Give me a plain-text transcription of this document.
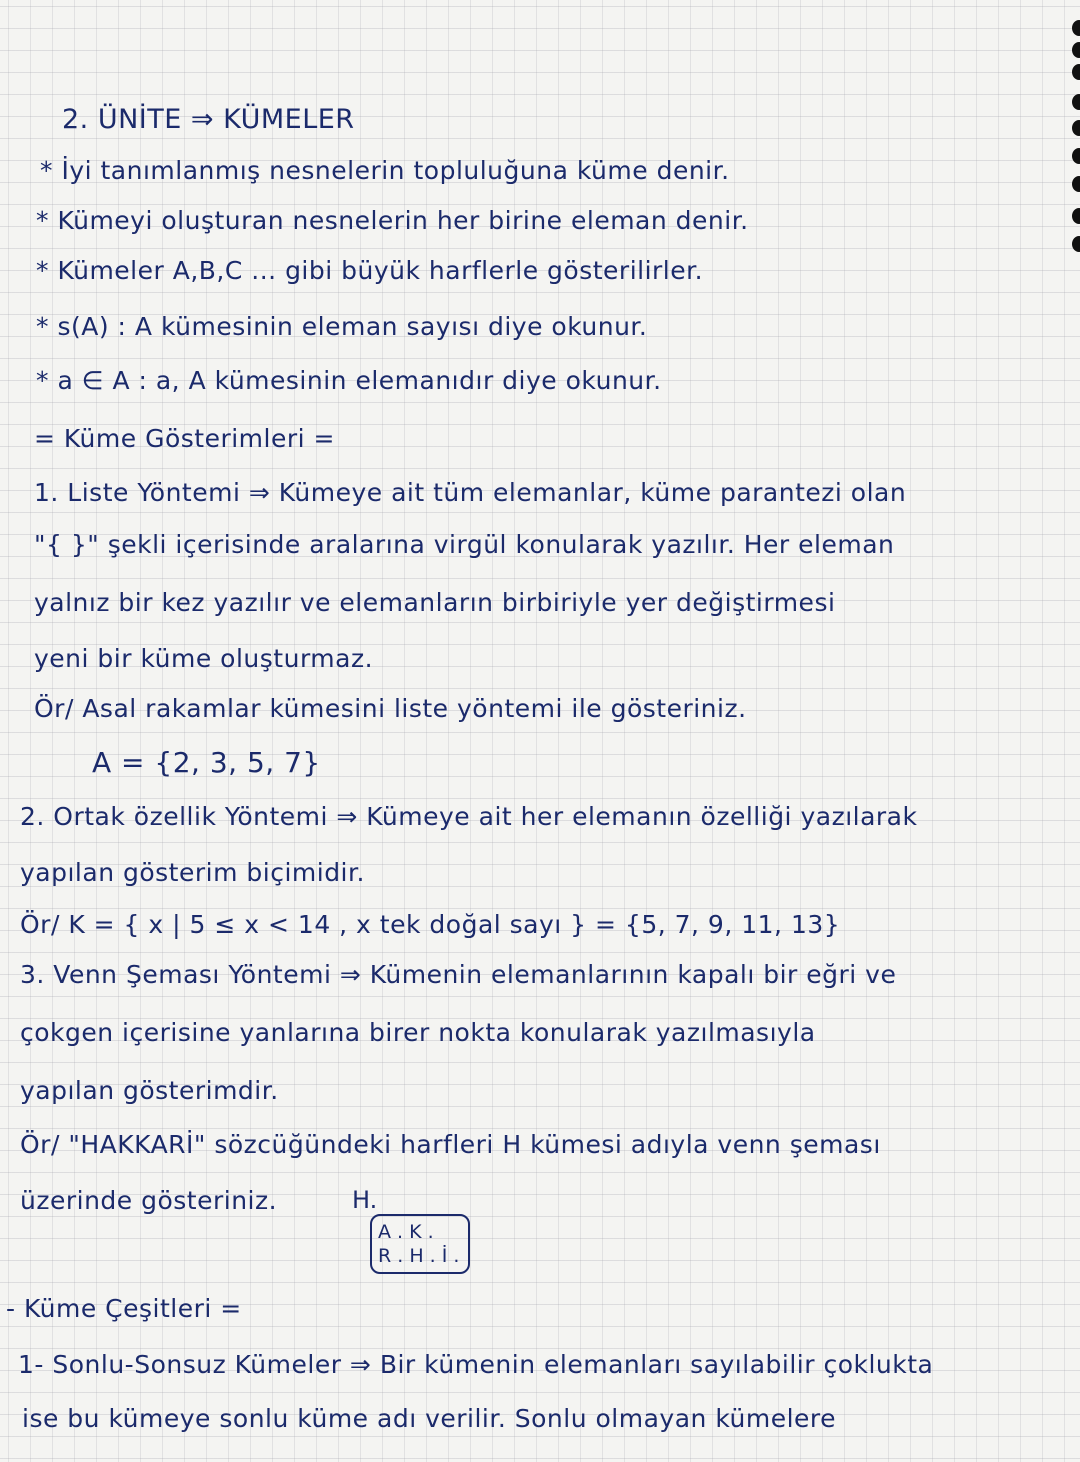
2. ÜNİTE ⇒ KÜMELER
* İyi tanımlanmış nesnelerin topluluğuna küme denir.
* Kümeyi oluşturan nesnelerin her birine eleman denir.
* Kümeler A,B,C ... gibi büyük harflerle gösterilirler.
* s(A) : A kümesinin eleman sayısı diye okunur.
* a ∈ A : a, A kümesinin elemanıdır diye okunur.
= Küme Gösterimleri =
1. Liste Yöntemi ⇒ Kümeye ait tüm elemanlar, küme parantezi olan
"{ }" şekli içerisinde aralarına virgül konularak yazılır. Her eleman
yalnız bir kez yazılır ve elemanların birbiriyle yer değiştirmesi
yeni bir küme oluşturmaz.
Ör/ Asal rakamlar kümesini liste yöntemi ile gösteriniz.
A = {2, 3, 5, 7}
2. Ortak özellik Yöntemi ⇒ Kümeye ait her elemanın özelliği yazılarak
yapılan gösterim biçimidir.
Ör/ K = { x | 5 ≤ x < 14 , x tek doğal sayı } = {5, 7, 9, 11, 13}
3. Venn Şeması Yöntemi ⇒ Kümenin elemanlarının kapalı bir eğri ve
çokgen içerisine yanlarına birer nokta konularak yazılmasıyla
yapılan gösterimdir.
Ör/ "HAKKARİ" sözcüğündeki harfleri H kümesi adıyla venn şeması
üzerinde gösteriniz.	H.
A . K .
R . H . İ .
- Küme Çeşitleri =
1- Sonlu-Sonsuz Kümeler ⇒ Bir kümenin elemanları sayılabilir çoklukta
ise bu kümeye sonlu küme adı verilir. Sonlu olmayan kümelere
